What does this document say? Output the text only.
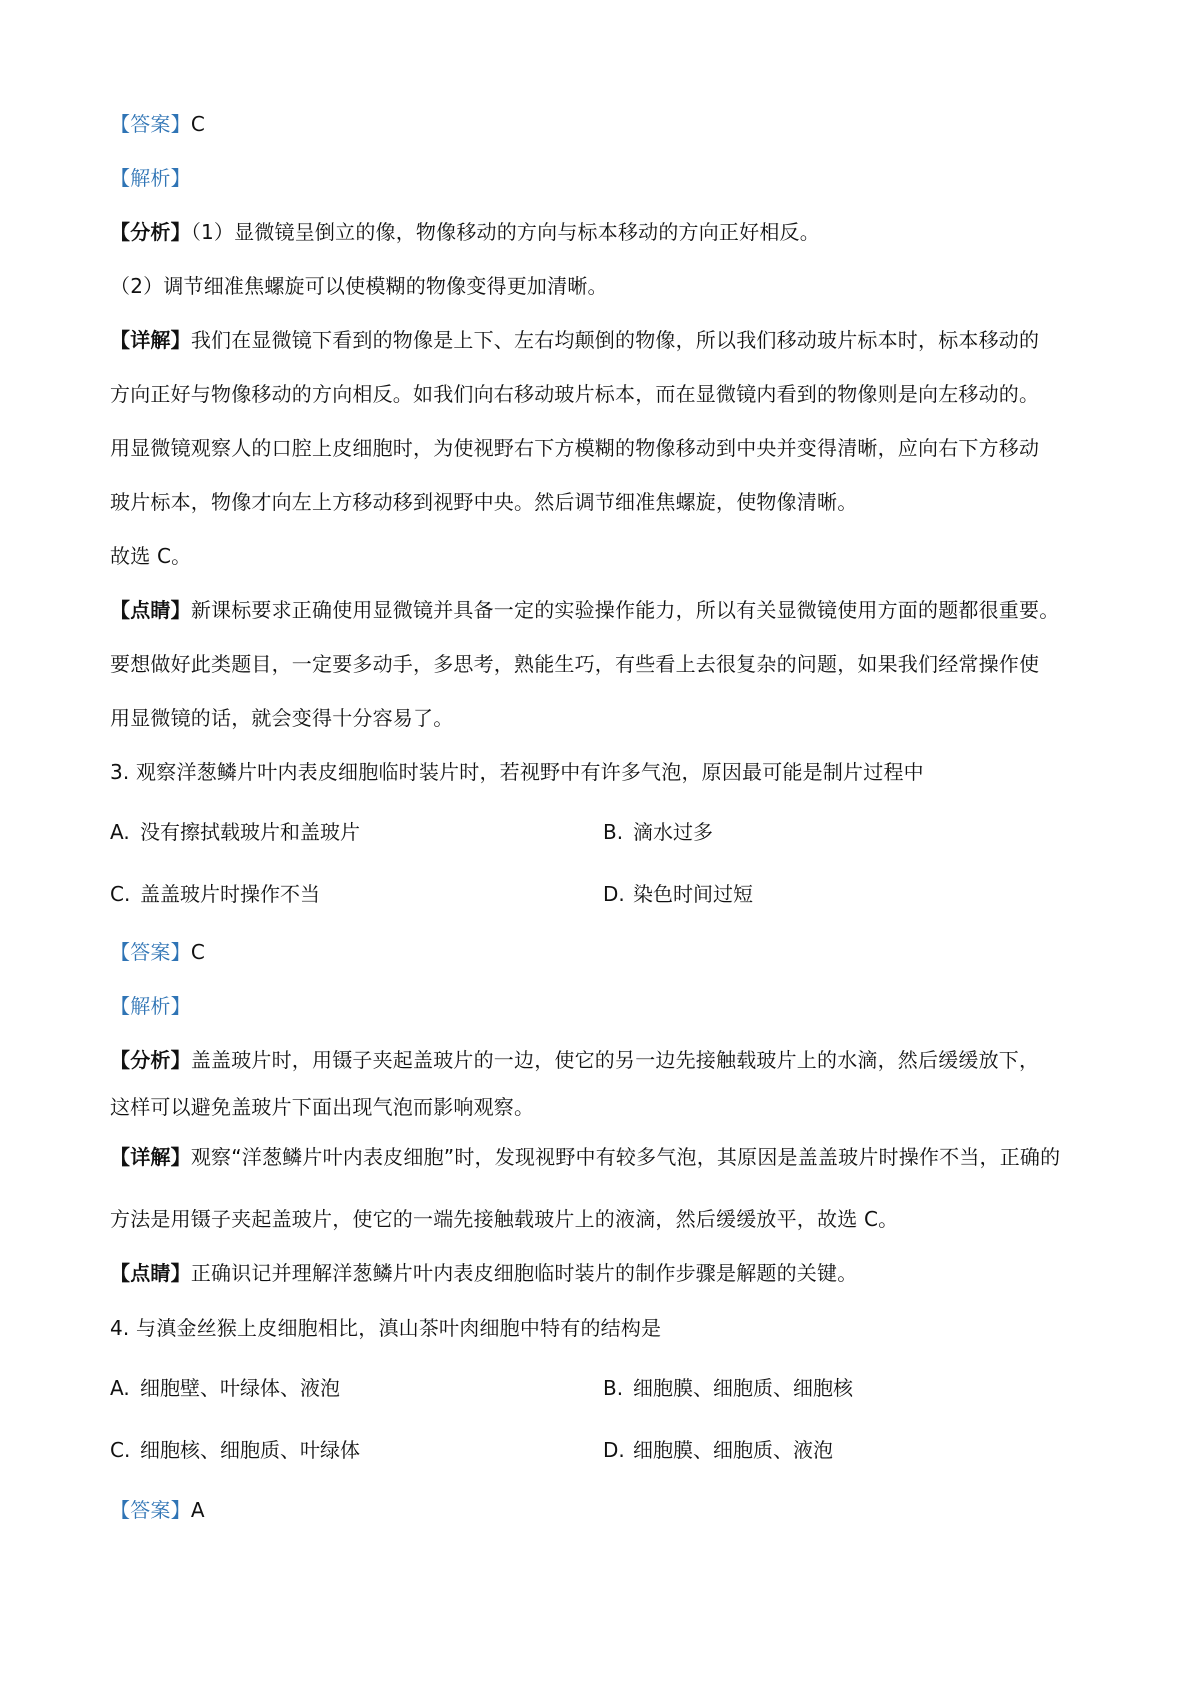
【答案】C

【解析】

【分析】（1）显微镜呈倒立的像，物像移动的方向与标本移动的方向正好相反。

（2）调节细准焦螺旋可以使模糊的物像变得更加清晰。

【详解】我们在显微镜下看到的物像是上下、左右均颠倒的物像，所以我们移动玻片标本时，标本移动的

方向正好与物像移动的方向相反。如我们向右移动玻片标本，而在显微镜内看到的物像则是向左移动的。

用显微镜观察人的口腔上皮细胞时，为使视野右下方模糊的物像移动到中央并变得清晰，应向右下方移动

玻片标本，物像才向左上方移动移到视野中央。然后调节细准焦螺旋，使物像清晰。

故选 C。

【点睛】新课标要求正确使用显微镜并具备一定的实验操作能力，所以有关显微镜使用方面的题都很重要。

要想做好此类题目，一定要多动手，多思考，熟能生巧，有些看上去很复杂的问题，如果我们经常操作使

用显微镜的话，就会变得十分容易了。

3. 观察洋葱鳞片叶内表皮细胞临时装片时，若视野中有许多气泡，原因最可能是制片过程中

A. 没有擦拭载玻片和盖玻片	B. 滴水过多

C. 盖盖玻片时操作不当	D. 染色时间过短

【答案】C

【解析】

【分析】盖盖玻片时，用镊子夹起盖玻片的一边，使它的另一边先接触载玻片上的水滴，然后缓缓放下，

这样可以避免盖玻片下面出现气泡而影响观察。

【详解】观察“洋葱鳞片叶内表皮细胞”时，发现视野中有较多气泡，其原因是盖盖玻片时操作不当，正确的

方法是用镊子夹起盖玻片，使它的一端先接触载玻片上的液滴，然后缓缓放平，故选 C。

【点睛】正确识记并理解洋葱鳞片叶内表皮细胞临时装片的制作步骤是解题的关键。

4. 与滇金丝猴上皮细胞相比，滇山茶叶肉细胞中特有的结构是

A. 细胞壁、叶绿体、液泡	B. 细胞膜、细胞质、细胞核

C. 细胞核、细胞质、叶绿体	D. 细胞膜、细胞质、液泡

【答案】A
